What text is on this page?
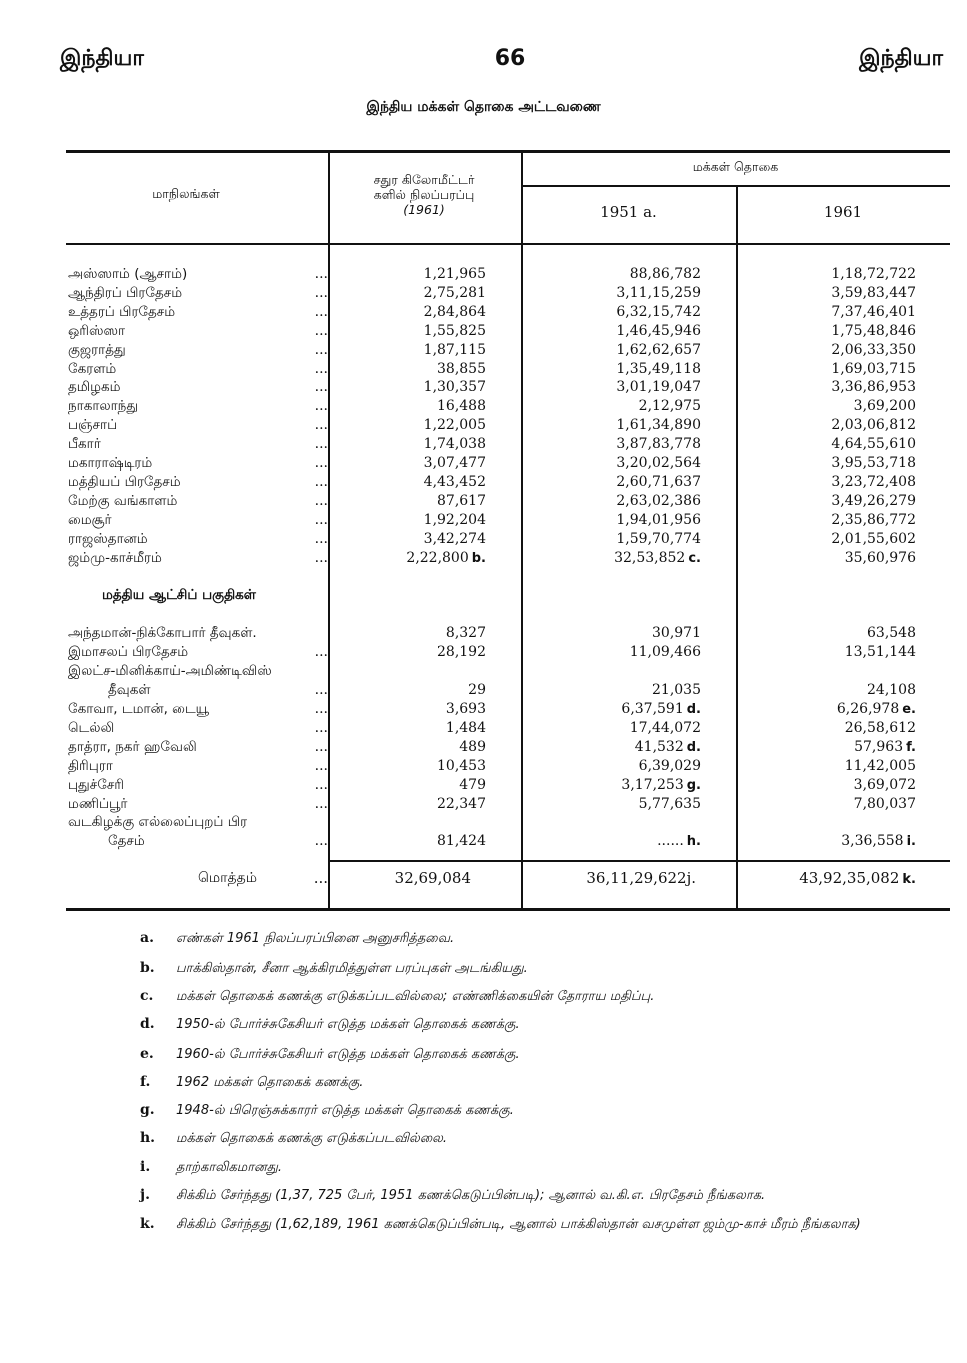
இந்தியா	66	இந்தியா
இந்திய மக்கள் தொகை அட்டவணை
மாநிலங்கள்
சதுர கிலோமீட்டர்
களில் நிலப்பரப்பு
(1961)
மக்கள் தொகை
1951 a.	1961
அஸ்ஸாம் (ஆசாம்)	...	1,21,965	88,86,782	1,18,72,722
ஆந்திரப் பிரதேசம்	...	2,75,281	3,11,15,259	3,59,83,447
உத்தரப் பிரதேசம்	...	2,84,864	6,32,15,742	7,37,46,401
ஒரிஸ்ஸா	...	1,55,825	1,46,45,946	1,75,48,846
குஜராத்து	...	1,87,115	1,62,62,657	2,06,33,350
கேரளம்	...	38,855	1,35,49,118	1,69,03,715
தமிழகம்	...	1,30,357	3,01,19,047	3,36,86,953
நாகாலாந்து	...	16,488	2,12,975	3,69,200
பஞ்சாப்	...	1,22,005	1,61,34,890	2,03,06,812
பீகார்	...	1,74,038	3,87,83,778	4,64,55,610
மகாராஷ்டிரம்	...	3,07,477	3,20,02,564	3,95,53,718
மத்தியப் பிரதேசம்	...	4,43,452	2,60,71,637	3,23,72,408
மேற்கு வங்காளம்	...	87,617	2,63,02,386	3,49,26,279
மைசூர்	...	1,92,204	1,94,01,956	2,35,86,772
ராஜஸ்தானம்	...	3,42,274	1,59,70,774	2,01,55,602
ஜம்மு-காச்மீரம்	...	2,22,800 b.	32,53,852 c.	35,60,976
மத்திய ஆட்சிப் பகுதிகள்
அந்தமான்-நிக்கோபார் தீவுகள்.	8,327	30,971	63,548
இமாசலப் பிரதேசம்	...	28,192	11,09,466	13,51,144
இலட்ச-மினிக்காய்-அமிண்டிவிஸ்
தீவுகள்	...	29	21,035	24,108
கோவா, டமான், டையூ	...	3,693	6,37,591 d.	6,26,978 e.
டெல்லி	...	1,484	17,44,072	26,58,612
தாத்ரா, நகர் ஹவேலி	...	489	41,532 d.	57,963 f.
திரிபுரா	...	10,453	6,39,029	11,42,005
புதுச்சேரி	...	479	3,17,253 g.	3,69,072
மணிப்பூர்	...	22,347	5,77,635	7,80,037
வடகிழக்கு எல்லைப்புறப் பிர
தேசம்	...	81,424	...... h.	3,36,558 i.
மொத்தம்	...	32,69,084	36,11,29,622j.	43,92,35,082 k.
a.	எண்கள் 1961 நிலப்பரப்பினை அனுசரித்தவை.
b.	பாக்கிஸ்தான், சீனா ஆக்கிரமித்துள்ள பரப்புகள் அடங்கியது.
c.	மக்கள் தொகைக் கணக்கு எடுக்கப்படவில்லை; எண்ணிக்கையின் தோராய மதிப்பு.
d.	1950-ல் போர்ச்சுகேசியர் எடுத்த மக்கள் தொகைக் கணக்கு.
e.	1960-ல் போர்ச்சுகேசியர் எடுத்த மக்கள் தொகைக் கணக்கு.
f.	1962 மக்கள் தொகைக் கணக்கு.
g.	1948-ல் பிரெஞ்சுக்காரர் எடுத்த மக்கள் தொகைக் கணக்கு.
h.	மக்கள் தொகைக் கணக்கு எடுக்கப்படவில்லை.
i.	தாற்காலிகமானது.
j.	சிக்கிம் சேர்ந்தது (1,37, 725 பேர், 1951 கணக்கெடுப்பின்படி); ஆனால் வ.கி.எ. பிரதேசம் நீங்கலாக.
k.	சிக்கிம் சேர்ந்தது (1,62,189, 1961 கணக்கெடுப்பின்படி, ஆனால் பாக்கிஸ்தான் வசமுள்ள ஜம்மு-காச் மீரம் நீங்கலாக)
